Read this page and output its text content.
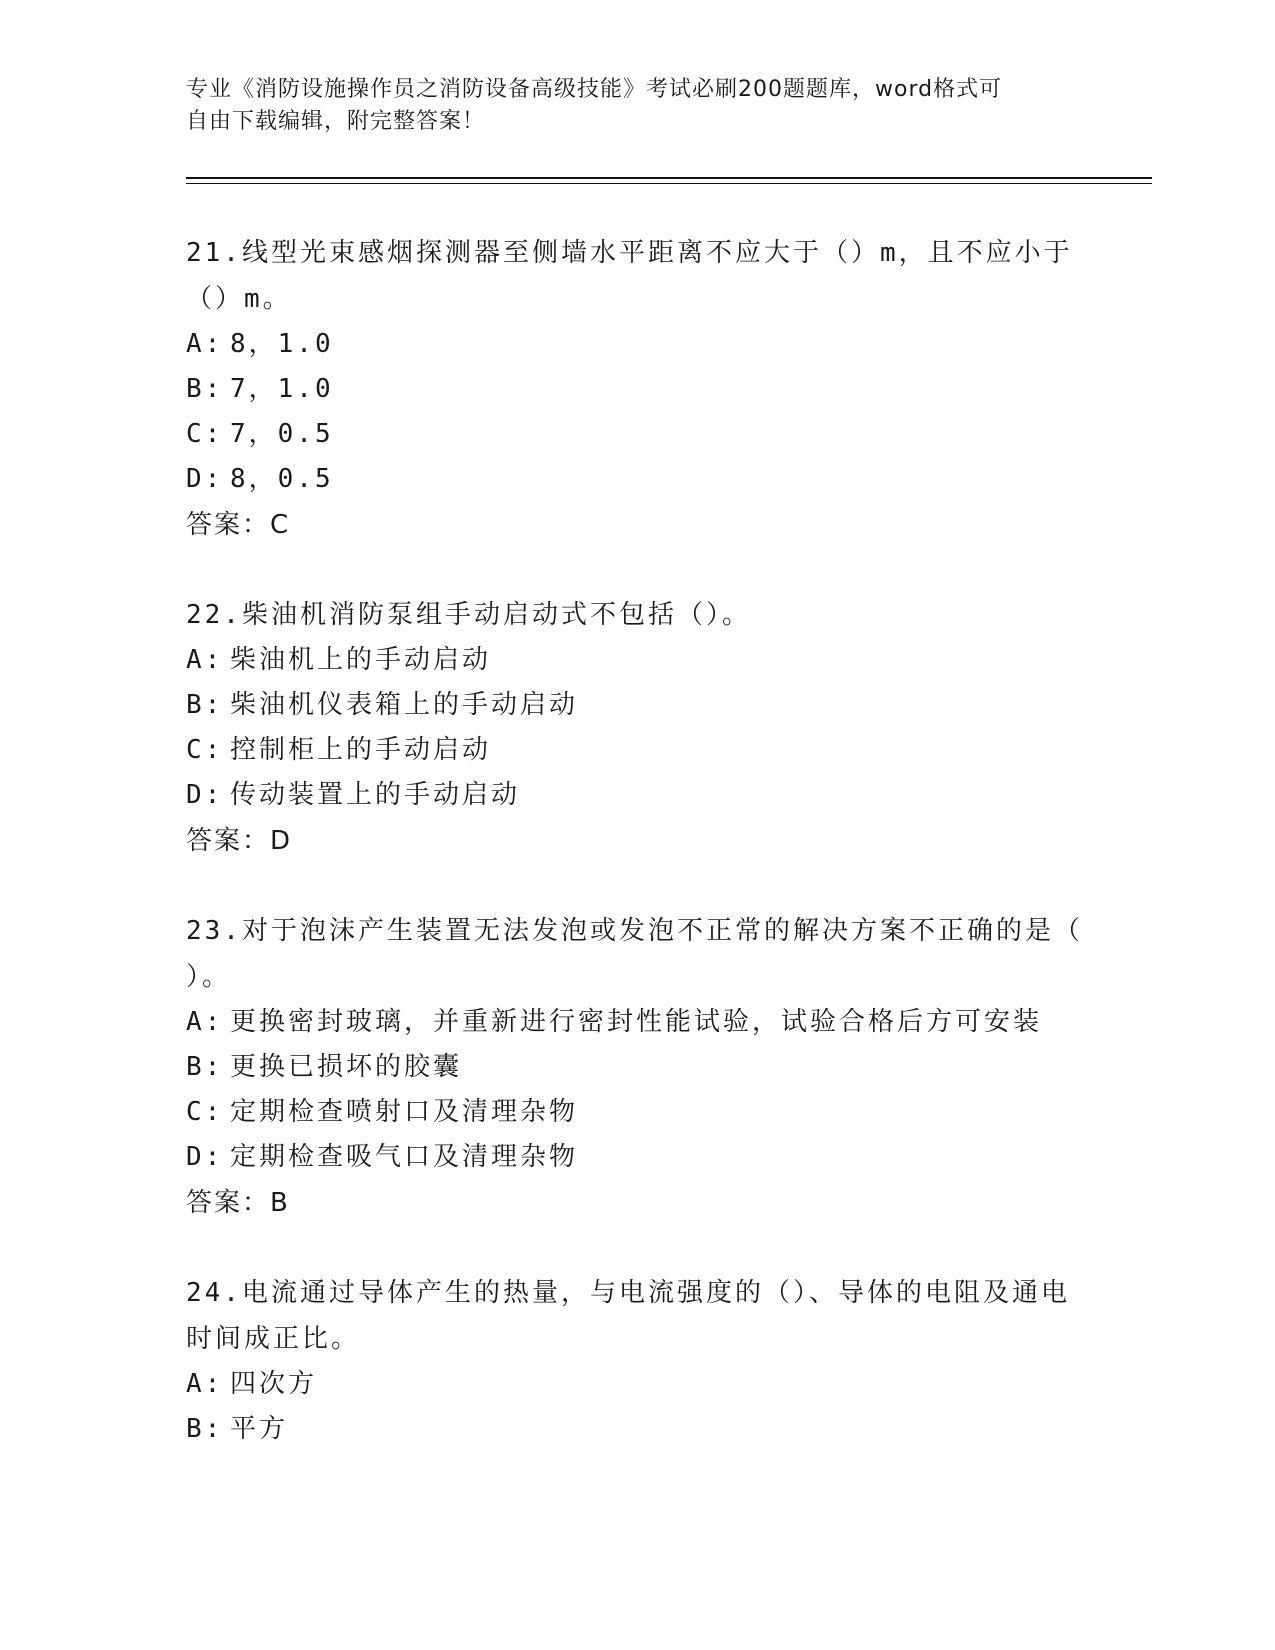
专业《消防设施操作员之消防设备高级技能》考试必刷200题题库，word格式可
自由下载编辑，附完整答案！
21.线型光束感烟探测器至侧墙水平距离不应大于（）m，且不应小于
（）m。
A: 8，1.0
B: 7，1.0
C: 7，0.5
D: 8，0.5
答案：C
22.柴油机消防泵组手动启动式不包括（）。
A: 柴油机上的手动启动
B: 柴油机仪表箱上的手动启动
C: 控制柜上的手动启动
D: 传动装置上的手动启动
答案：D
23.对于泡沫产生装置无法发泡或发泡不正常的解决方案不正确的是（
）。
A: 更换密封玻璃，并重新进行密封性能试验，试验合格后方可安装
B: 更换已损坏的胶囊
C: 定期检查喷射口及清理杂物
D: 定期检查吸气口及清理杂物
答案：B
24.电流通过导体产生的热量，与电流强度的（）、导体的电阻及通电
时间成正比。
A: 四次方
B: 平方
